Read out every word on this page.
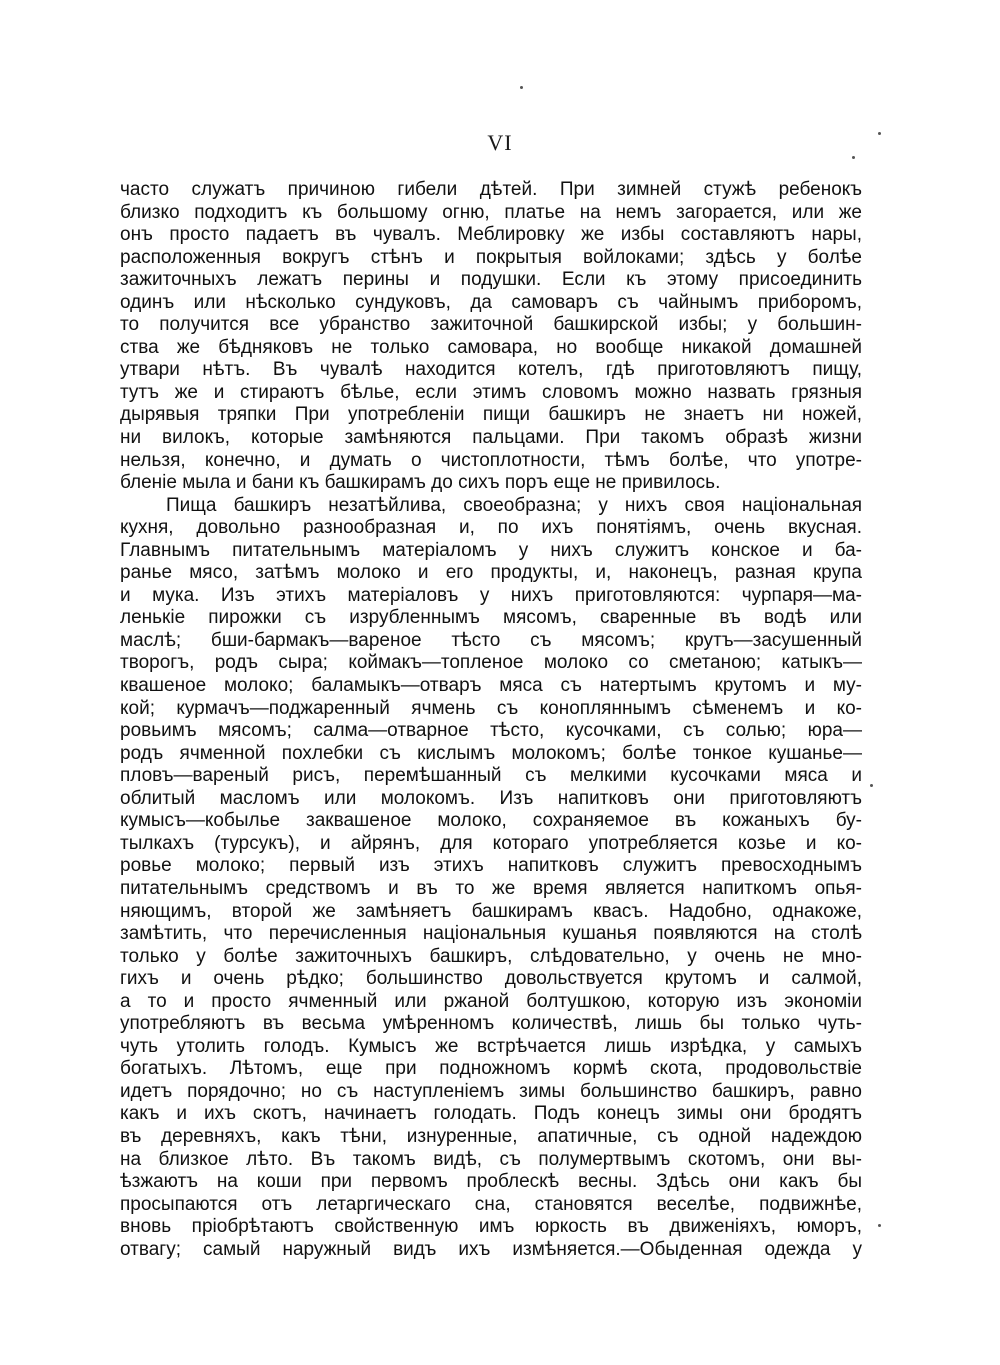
VI
часто служатъ причиною гибели дѣтей. При зимней стужѣ ребенокъ
близко подходитъ къ большому огню, платье на немъ загорается, или же
онъ просто падаетъ въ чувалъ. Меблировку же избы составляютъ нары,
расположенныя вокругъ стѣнъ и покрытыя войлоками; здѣсь у болѣе
зажиточныхъ лежатъ перины и подушки. Если къ этому присоединить
одинъ или нѣсколько сундуковъ, да самоваръ съ чайнымъ приборомъ,
то получится все убранство зажиточной башкирской избы; у большин-
ства же бѣдняковъ не только самовара, но вообще никакой домашней
утвари нѣтъ. Въ чувалѣ находится котелъ, гдѣ приготовляютъ пищу,
тутъ же и стираютъ бѣлье, если этимъ словомъ можно назвать грязныя
дырявыя тряпки При употребленіи пищи башкиръ не знаетъ ни ножей,
ни вилокъ, которые замѣняются пальцами. При такомъ образѣ жизни
нельзя, конечно, и думать о чистоплотности, тѣмъ болѣе, что употре-
бленіе мыла и бани къ башкирамъ до сихъ поръ еще не привилось.
Пища башкиръ незатѣйлива, своеобразна; у нихъ своя національная
кухня, довольно разнообразная и, по ихъ понятіямъ, очень вкусная.
Главнымъ питательнымъ матеріаломъ у нихъ служитъ конское и ба-
ранье мясо, затѣмъ молоко и его продукты, и, наконецъ, разная крупа
и мука. Изъ этихъ матеріаловъ у нихъ приготовляются: чурпаря—ма-
ленькіе пирожки съ изрубленнымъ мясомъ, сваренные въ водѣ или
маслѣ; бши-бармакъ—вареное тѣсто съ мясомъ; крутъ—засушенный
творогъ, родъ сыра; коймакъ—топленое молоко со сметаною; катыкъ—
квашеное молоко; баламыкъ—отваръ мяса съ натертымъ крутомъ и му-
кой; курмачъ—поджаренный ячмень съ конопляннымъ сѣменемъ и ко-
ровьимъ мясомъ; салма—отварное тѣсто, кусочками, съ солью; юра—
родъ ячменной похлебки съ кислымъ молокомъ; болѣе тонкое кушанье—
пловъ—вареный рисъ, перемѣшанный съ мелкими кусочками мяса и
облитый масломъ или молокомъ. Изъ напитковъ они приготовляютъ
кумысъ—кобылье заквашеное молоко, сохраняемое въ кожаныхъ бу-
тылкахъ (турсукъ), и айрянъ, для котораго употребляется козье и ко-
ровье молоко; первый изъ этихъ напитковъ служитъ превосходнымъ
питательнымъ средствомъ и въ то же время является напиткомъ опья-
няющимъ, второй же замѣняетъ башкирамъ квасъ. Надобно, однакоже,
замѣтить, что перечисленныя національныя кушанья появляются на столѣ
только у болѣе зажиточныхъ башкиръ, слѣдовательно, у очень не мно-
гихъ и очень рѣдко; большинство довольствуется крутомъ и салмой,
а то и просто ячменный или ржаной болтушкою, которую изъ экономіи
употребляютъ въ весьма умѣренномъ количествѣ, лишь бы только чуть-
чуть утолить голодъ. Кумысъ же встрѣчается лишь изрѣдка, у самыхъ
богатыхъ. Лѣтомъ, еще при подножномъ кормѣ скота, продовольствіе
идетъ порядочно; но съ наступленіемъ зимы большинство башкиръ, равно
какъ и ихъ скотъ, начинаетъ голодать. Подъ конецъ зимы они бродятъ
въ деревняхъ, какъ тѣни, изнуренные, апатичные, съ одной надеждою
на близкое лѣто. Въ такомъ видѣ, съ полумертвымъ скотомъ, они вы-
ѣзжаютъ на коши при первомъ проблескѣ весны. Здѣсь они какъ бы
просыпаются отъ летаргическаго сна, становятся веселѣе, подвижнѣе,
вновь пріобрѣтаютъ свойственную имъ юркость въ движеніяхъ, юморъ,
отвагу; самый наружный видъ ихъ измѣняется.—Обыденная одежда у
